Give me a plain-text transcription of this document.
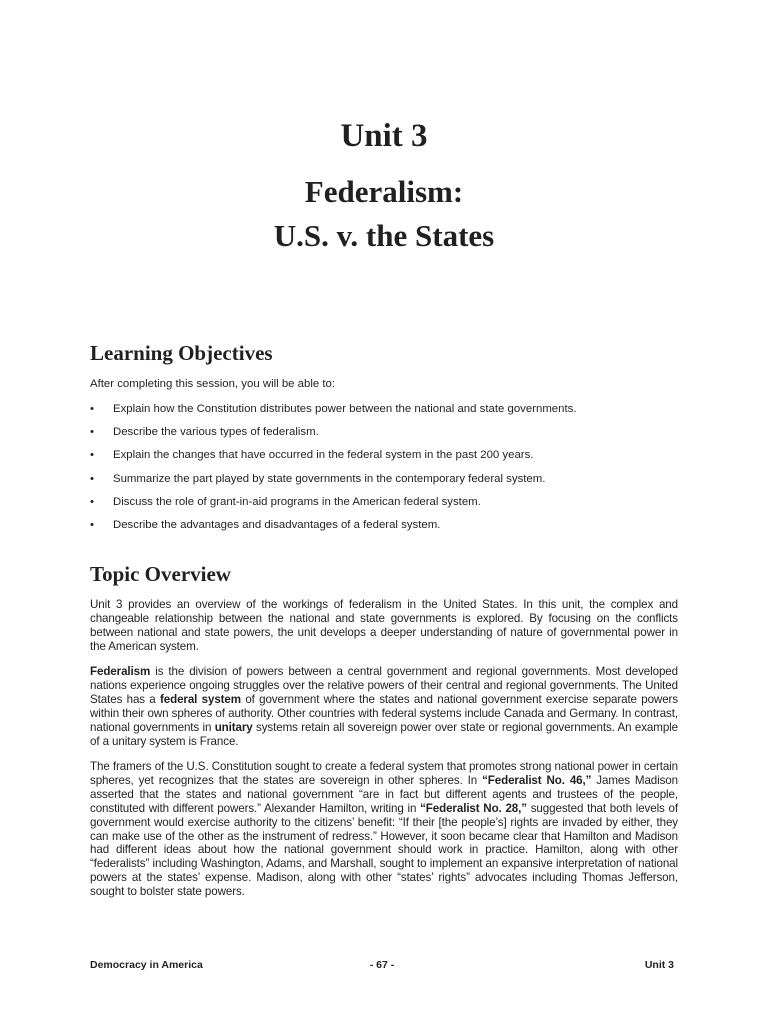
Unit 3
Federalism:
U.S. v. the States
Learning Objectives

After completing this session, you will be able to:

• Explain how the Constitution distributes power between the national and state governments.
• Describe the various types of federalism.
• Explain the changes that have occurred in the federal system in the past 200 years.
• Summarize the part played by state governments in the contemporary federal system.
• Discuss the role of grant-in-aid programs in the American federal system.
• Describe the advantages and disadvantages of a federal system.
Topic Overview

Unit 3 provides an overview of the workings of federalism in the United States. In this unit, the complex and changeable relationship between the national and state governments is explored. By focusing on the conflicts between national and state powers, the unit develops a deeper understanding of nature of governmental power in the American system.

Federalism is the division of powers between a central government and regional governments. Most developed nations experience ongoing struggles over the relative powers of their central and regional governments. The United States has a federal system of government where the states and national government exercise separate powers within their own spheres of authority. Other countries with federal systems include Canada and Germany. In contrast, national governments in unitary systems retain all sovereign power over state or regional governments. An example of a unitary system is France.

The framers of the U.S. Constitution sought to create a federal system that promotes strong national power in certain spheres, yet recognizes that the states are sovereign in other spheres. In “Federalist No. 46,” James Madison asserted that the states and national government “are in fact but different agents and trustees of the people, constituted with different powers.” Alexander Hamilton, writing in “Federalist No. 28,” suggested that both levels of government would exercise authority to the citizens’ benefit: “If their [the people’s] rights are invaded by either, they can make use of the other as the instrument of redress.” However, it soon became clear that Hamilton and Madison had different ideas about how the national government should work in practice. Hamilton, along with other “federalists” including Washington, Adams, and Marshall, sought to implement an expansive interpretation of national powers at the states’ expense. Madison, along with other “states’ rights” advocates including Thomas Jefferson, sought to bolster state powers.

Democracy in America	- 67 -	Unit 3
